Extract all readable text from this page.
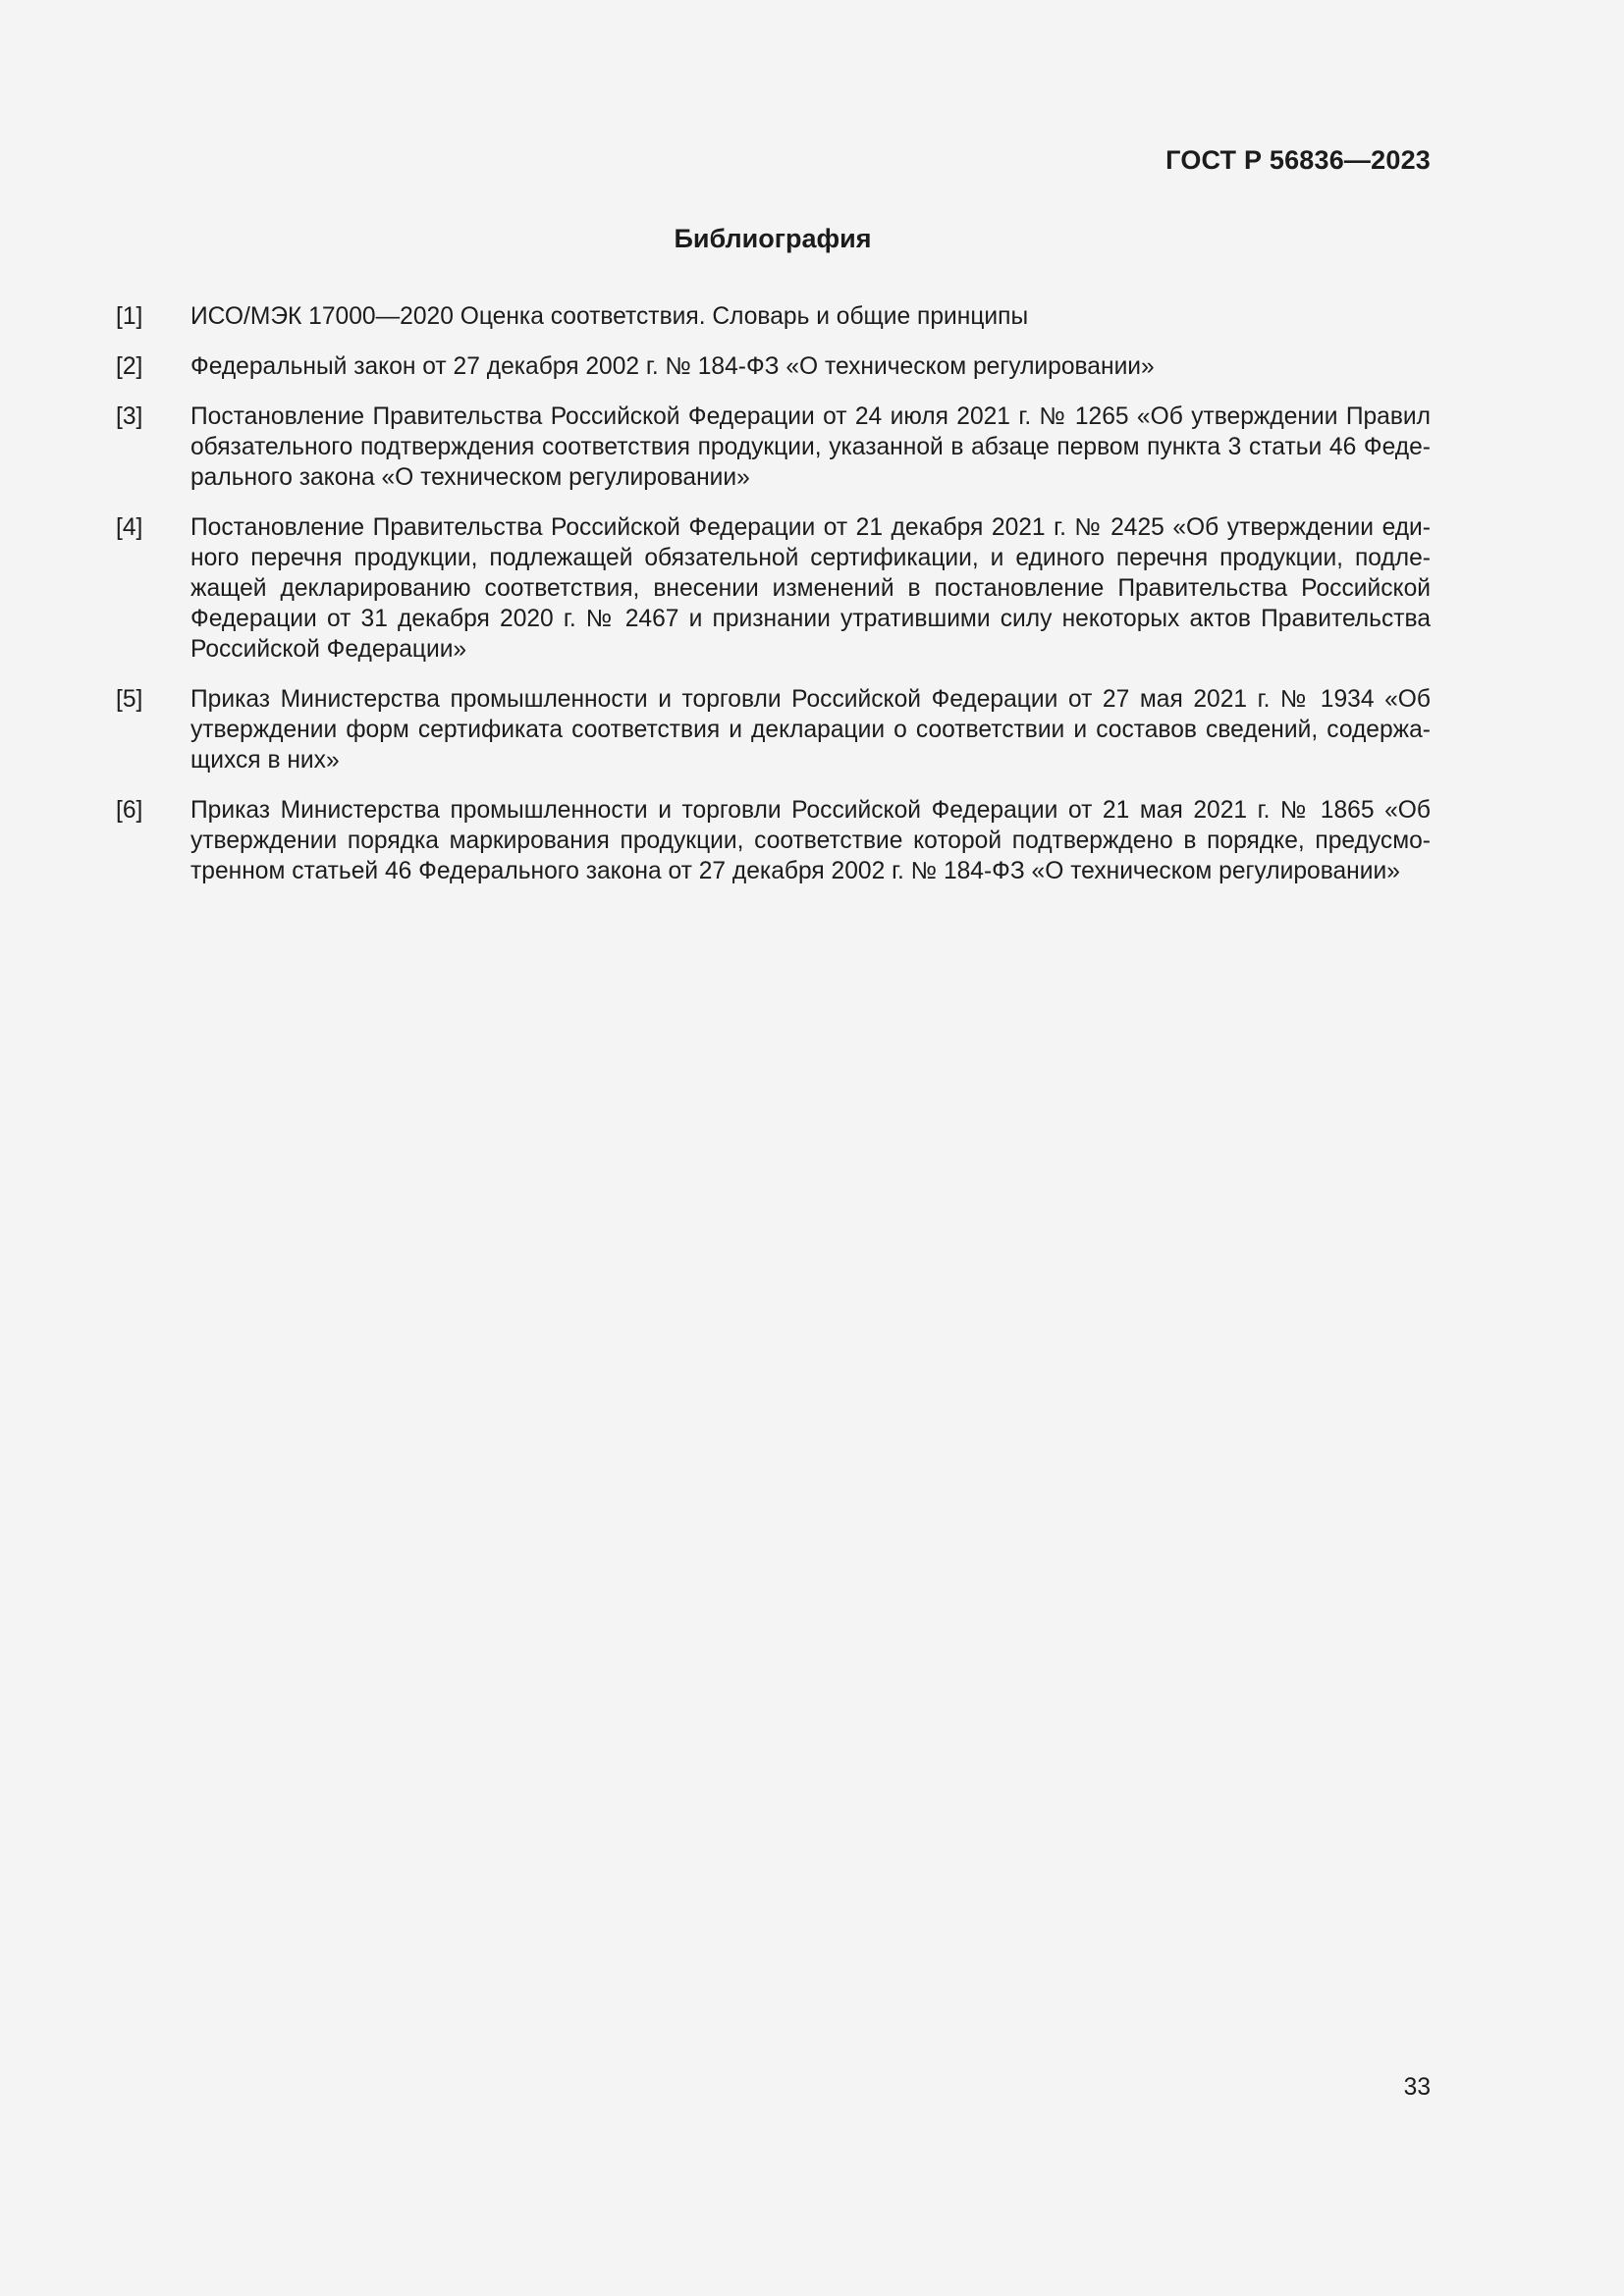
ГОСТ Р 56836—2023
Библиография
[1]	ИСО/МЭК 17000—2020 Оценка соответствия. Словарь и общие принципы
[2]	Федеральный закон от 27 декабря 2002 г. № 184-ФЗ «О техническом регулировании»
[3]	Постановление Правительства Российской Федерации от 24 июля 2021 г. № 1265 «Об утверждении Правил обязательного подтверждения соответствия продукции, указанной в абзаце первом пункта 3 статьи 46 Федерального закона «О техническом регулировании»
[4]	Постановление Правительства Российской Федерации от 21 декабря 2021 г. № 2425 «Об утверждении единого перечня продукции, подлежащей обязательной сертификации, и единого перечня продукции, подлежащей декларированию соответствия, внесении изменений в постановление Правительства Российской Федерации от 31 декабря 2020 г. № 2467 и признании утратившими силу некоторых актов Правительства Российской Федерации»
[5]	Приказ Министерства промышленности и торговли Российской Федерации от 27 мая 2021 г. № 1934 «Об утверждении форм сертификата соответствия и декларации о соответствии и составов сведений, содержащихся в них»
[6]	Приказ Министерства промышленности и торговли Российской Федерации от 21 мая 2021 г. № 1865 «Об утверждении порядка маркирования продукции, соответствие которой подтверждено в порядке, предусмотренном статьей 46 Федерального закона от 27 декабря 2002 г. № 184-ФЗ «О техническом регулировании»
33
